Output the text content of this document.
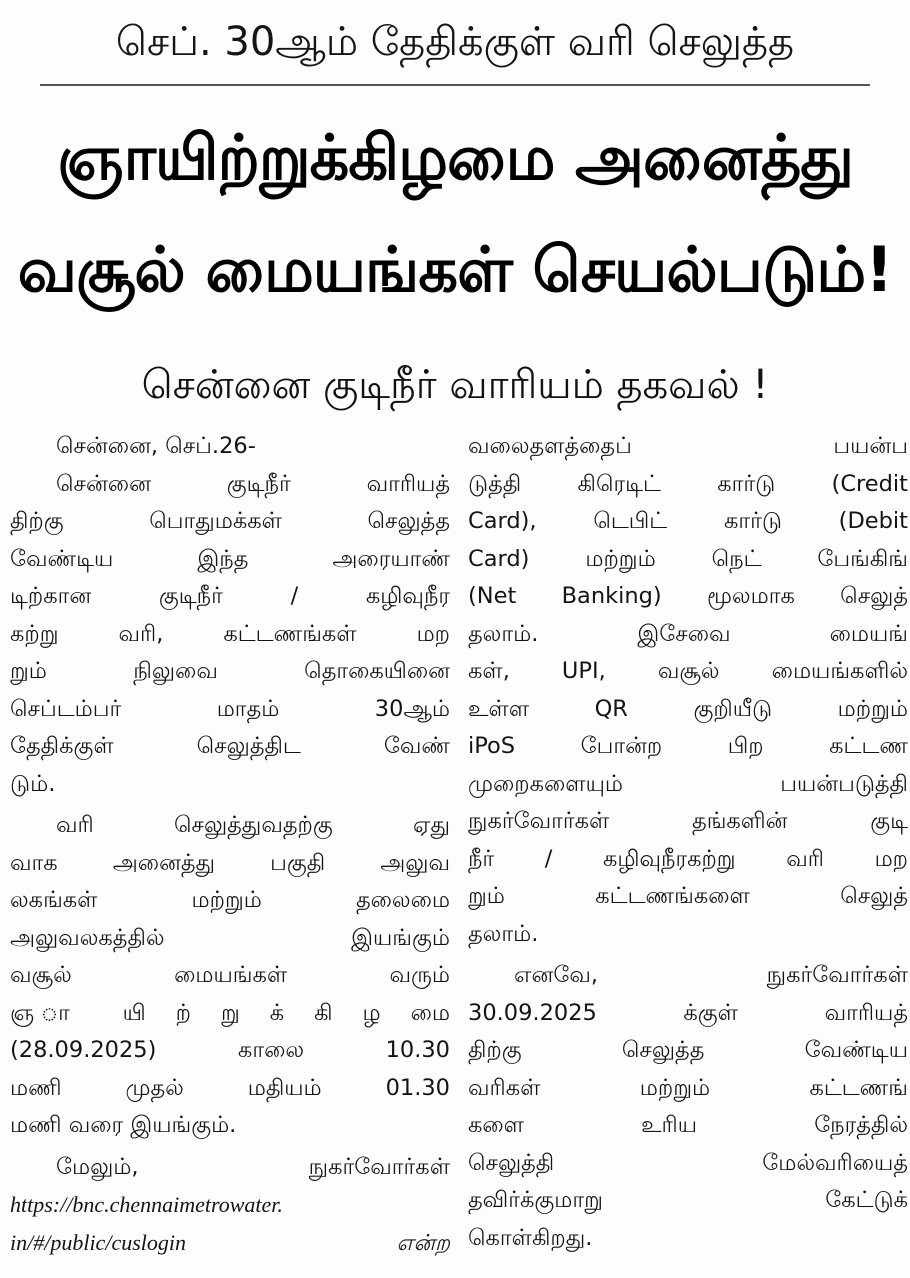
செப். 30ஆம் தேதிக்குள் வரி செலுத்த
ஞாயிற்றுக்கிழமை அனைத்து
வசூல் மையங்கள் செயல்படும்!
சென்னை குடிநீர் வாரியம் தகவல் !
சென்னை, செப்.26-
சென்னை குடிநீர் வாரியத்
திற்கு பொதுமக்கள் செலுத்த
வேண்டிய இந்த அரையாண்
டிற்கான குடிநீர் / கழிவுநீர
கற்று வரி, கட்டணங்கள் மற
றும் நிலுவை தொகையினை
செப்டம்பர் மாதம் 30ஆம்
தேதிக்குள் செலுத்திட வேண்
டும்.
வரி செலுத்துவதற்கு ஏது
வாக அனைத்து பகுதி அலுவ
லகங்கள் மற்றும் தலைமை
அலுவலகத்தில் இயங்கும்
வசூல் மையங்கள் வரும்
ஞ ா யி ற் று க் கி ழ மை
(28.09.2025) காலை 10.30
மணி முதல் மதியம் 01.30
மணி வரை இயங்கும்.
மேலும், நுகர்வோர்கள்
https://bnc.chennaimetrowater.
in/#/public/cuslogin என்ற
வலைதளத்தைப் பயன்ப
டுத்தி கிரெடிட் கார்டு (Credit
Card), டெபிட் கார்டு (Debit
Card) மற்றும் நெட் பேங்கிங்
(Net Banking) மூலமாக செலுத்
தலாம். இசேவை மையங்
கள், UPI, வசூல் மையங்களில்
உள்ள QR குறியீடு மற்றும்
iPoS போன்ற பிற கட்டண
முறைகளையும் பயன்படுத்தி
நுகர்வோர்கள் தங்களின் குடி
நீர் / கழிவுநீரகற்று வரி மற
றும் கட்டணங்களை செலுத்
தலாம்.
எனவே, நுகர்வோர்கள்
30.09.2025 க்குள் வாரியத்
திற்கு செலுத்த வேண்டிய
வரிகள் மற்றும் கட்டணங்
களை உரிய நேரத்தில்
செலுத்தி மேல்வரியைத்
தவிர்க்குமாறு கேட்டுக்
கொள்கிறது.
